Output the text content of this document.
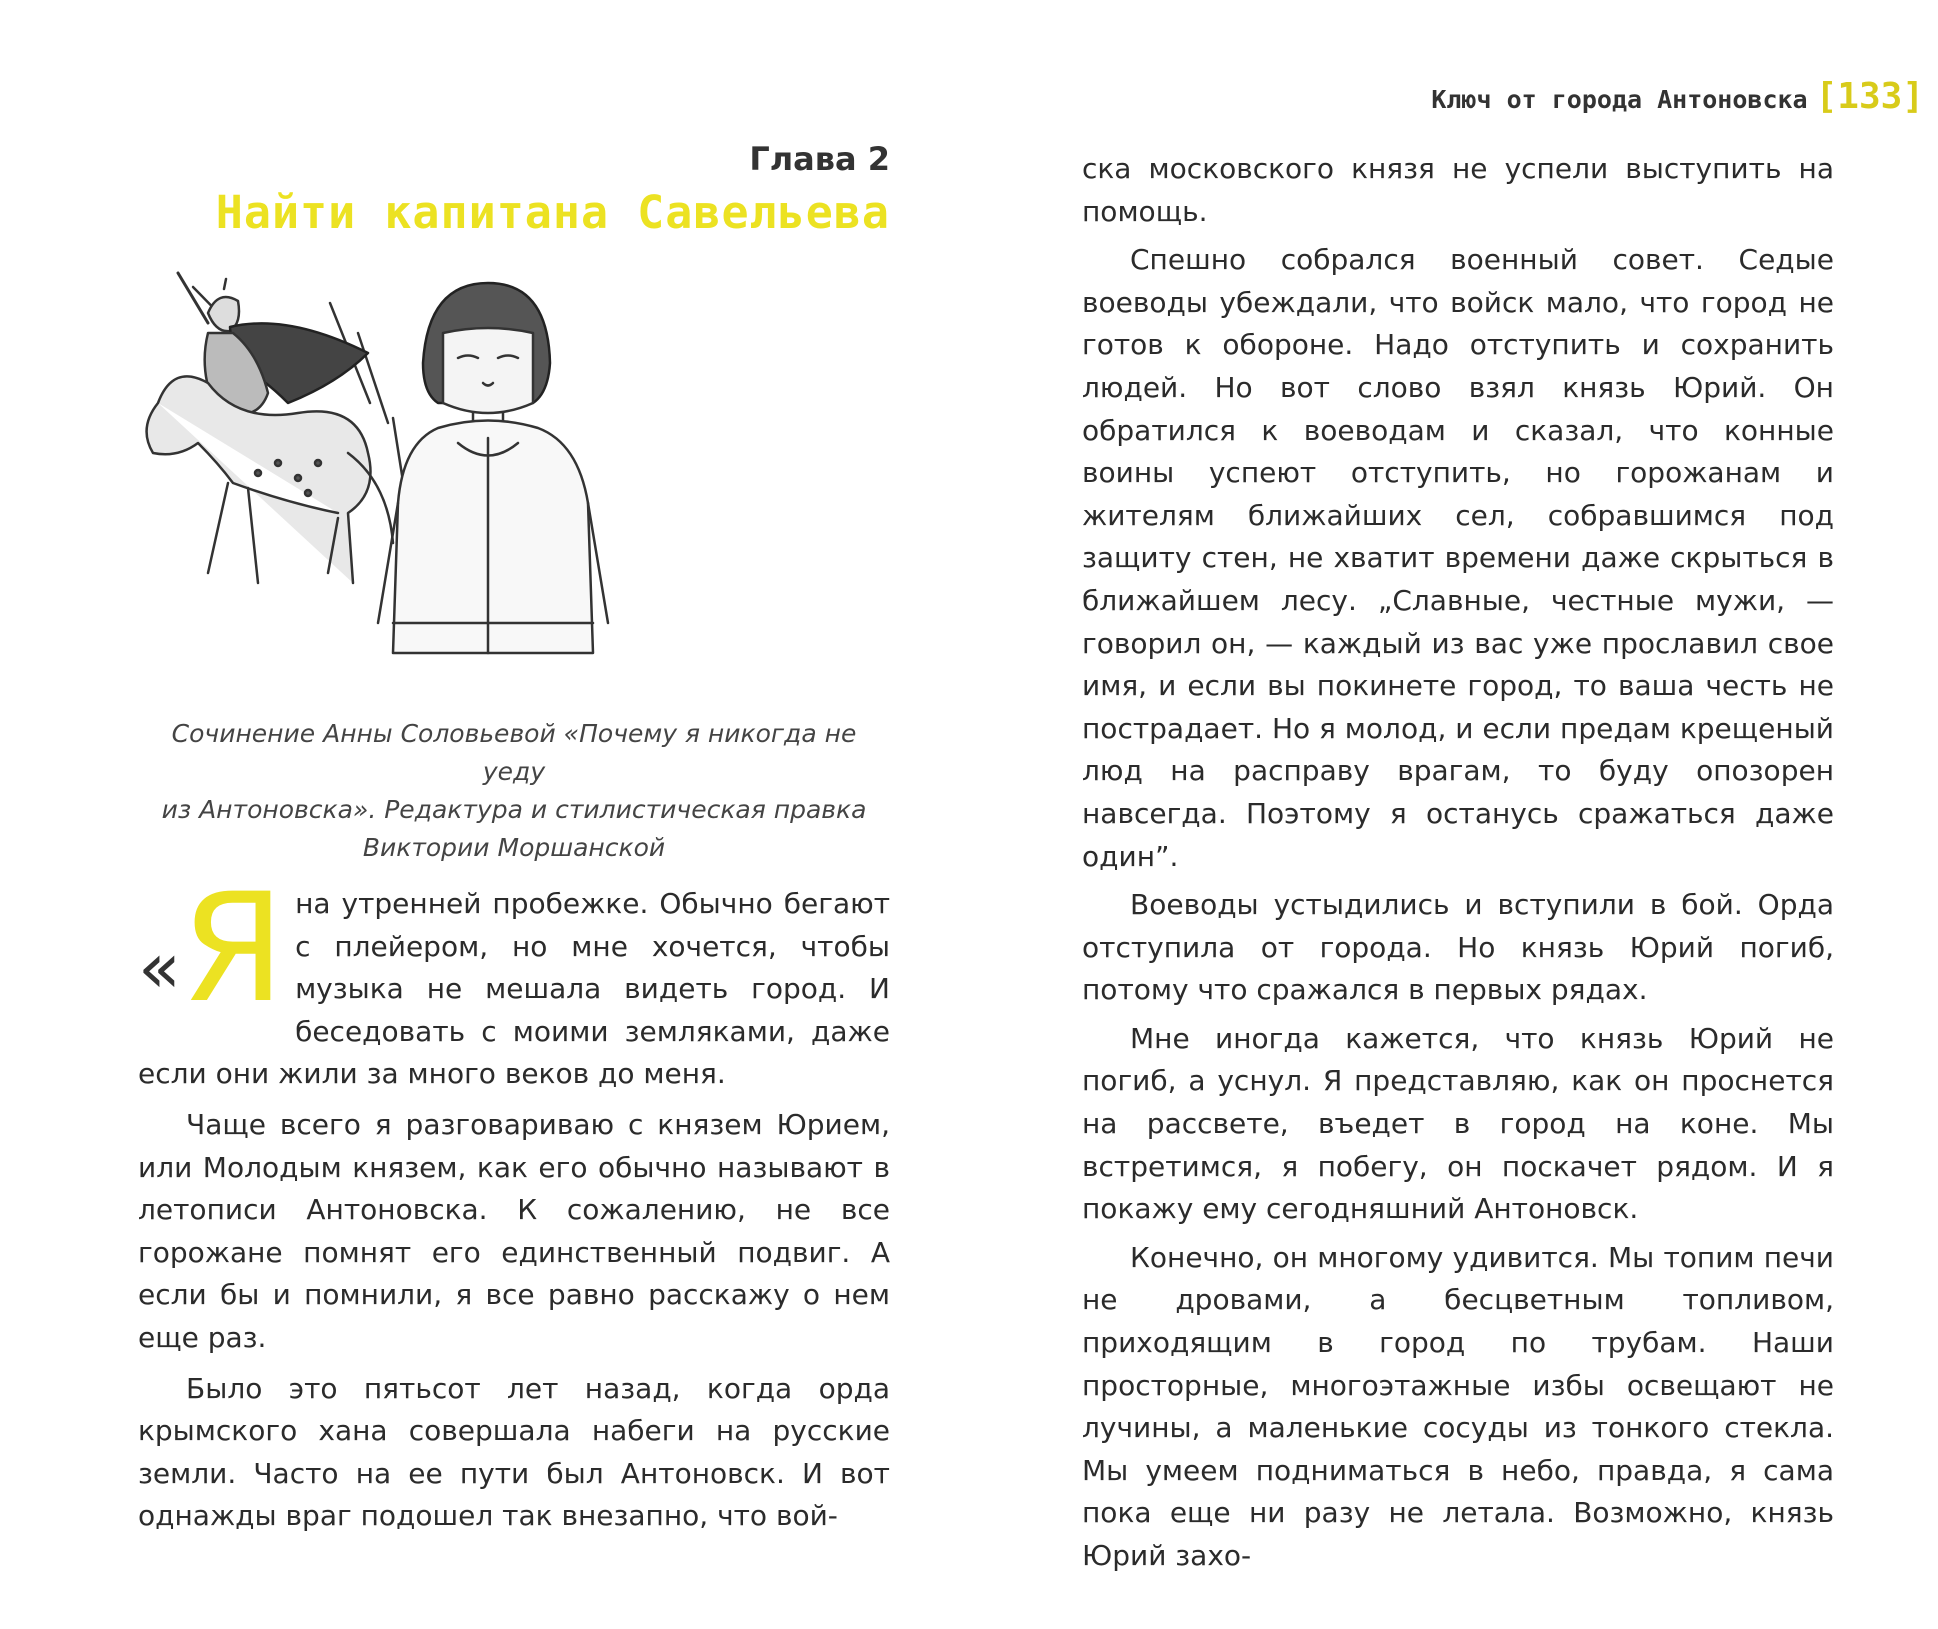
Ключ от города Антоновска [133]
Глава 2
Найти капитана Савельева
Сочинение Анны Соловьевой «Почему я никогда не уеду
из Антоновска». Редактура и стилистическая правка
Виктории Моршанской
« Я на утренней пробежке. Обычно бегают с плейером, но мне хочется, чтобы музыка не мешала видеть город. И беседовать с моими земляками, даже если они жили за много веков до меня.

Чаще всего я разговариваю с князем Юрием, или Молодым князем, как его обычно называют в летописи Антоновска. К сожалению, не все горожане помнят его единственный подвиг. А если бы и помнили, я все равно расскажу о нем еще раз.

Было это пятьсот лет назад, когда орда крымского хана совершала набеги на русские земли. Часто на ее пути был Антоновск. И вот однажды враг подошел так внезапно, что вой-

ска московского князя не успели выступить на помощь.

Спешно собрался военный совет. Седые воеводы убеждали, что войск мало, что город не готов к обороне. Надо отступить и сохранить людей. Но вот слово взял князь Юрий. Он обратился к воеводам и сказал, что конные воины успеют отступить, но горожанам и жителям ближайших сел, собравшимся под защиту стен, не хватит времени даже скрыться в ближайшем лесу. „Славные, честные мужи, — говорил он, — каждый из вас уже прославил свое имя, и если вы покинете город, то ваша честь не пострадает. Но я молод, и если предам крещеный люд на расправу врагам, то буду опозорен навсегда. Поэтому я останусь сражаться даже один”.

Воеводы устыдились и вступили в бой. Орда отступила от города. Но князь Юрий погиб, потому что сражался в первых рядах.

Мне иногда кажется, что князь Юрий не погиб, а уснул. Я представляю, как он проснется на рассвете, въедет в город на коне. Мы встретимся, я побегу, он поскачет рядом. И я покажу ему сегодняшний Антоновск.

Конечно, он многому удивится. Мы топим печи не дровами, а бесцветным топливом, приходящим в город по трубам. Наши просторные, многоэтажные избы освещают не лучины, а маленькие сосуды из тонкого стекла. Мы умеем подниматься в небо, правда, я сама пока еще ни разу не летала. Возможно, князь Юрий захо-
